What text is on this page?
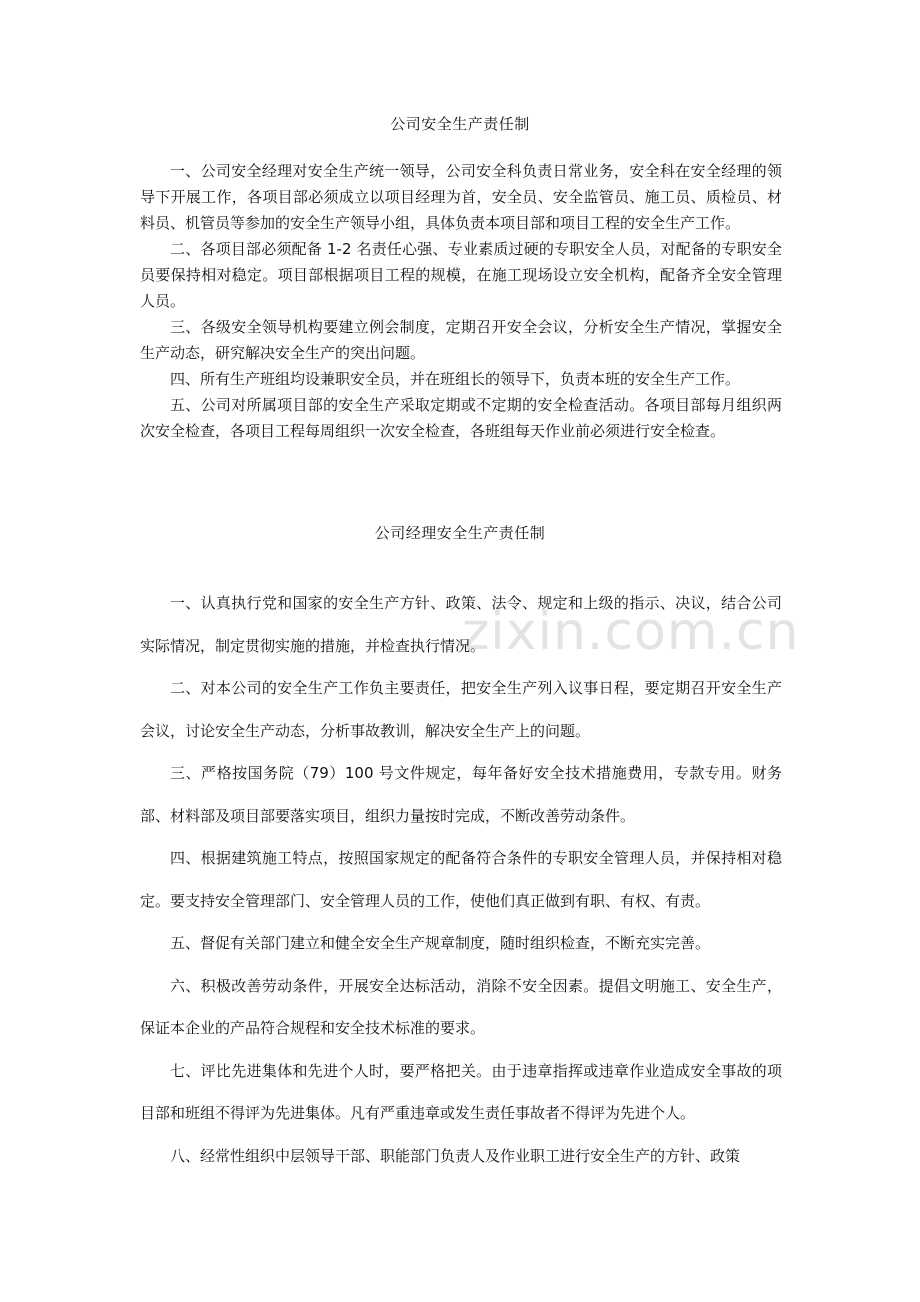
zixin.com.cn
公司安全生产责任制

一、公司安全经理对安全生产统一领导，公司安全科负责日常业务，安全科在安全经理的领导下开展工作，各项目部必须成立以项目经理为首，安全员、安全监管员、施工员、质检员、材料员、机管员等参加的安全生产领导小组，具体负责本项目部和项目工程的安全生产工作。

二、各项目部必须配备 1-2 名责任心强、专业素质过硬的专职安全人员，对配备的专职安全员要保持相对稳定。项目部根据项目工程的规模，在施工现场设立安全机构，配备齐全安全管理人员。

三、各级安全领导机构要建立例会制度，定期召开安全会议，分析安全生产情况，掌握安全生产动态，研究解决安全生产的突出问题。

四、所有生产班组均设兼职安全员，并在班组长的领导下，负责本班的安全生产工作。

五、公司对所属项目部的安全生产采取定期或不定期的安全检查活动。各项目部每月组织两次安全检查，各项目工程每周组织一次安全检查，各班组每天作业前必须进行安全检查。

公司经理安全生产责任制

一、认真执行党和国家的安全生产方针、政策、法令、规定和上级的指示、决议，结合公司实际情况，制定贯彻实施的措施，并检查执行情况。

二、对本公司的安全生产工作负主要责任，把安全生产列入议事日程，要定期召开安全生产会议，讨论安全生产动态，分析事故教训，解决安全生产上的问题。

三、严格按国务院（79）100 号文件规定，每年备好安全技术措施费用，专款专用。财务部、材料部及项目部要落实项目，组织力量按时完成，不断改善劳动条件。

四、根据建筑施工特点，按照国家规定的配备符合条件的专职安全管理人员，并保持相对稳定。要支持安全管理部门、安全管理人员的工作，使他们真正做到有职、有权、有责。

五、督促有关部门建立和健全安全生产规章制度，随时组织检查，不断充实完善。

六、积极改善劳动条件，开展安全达标活动，消除不安全因素。提倡文明施工、安全生产，保证本企业的产品符合规程和安全技术标准的要求。

七、评比先进集体和先进个人时，要严格把关。由于违章指挥或违章作业造成安全事故的项目部和班组不得评为先进集体。凡有严重违章或发生责任事故者不得评为先进个人。

八、经常性组织中层领导干部、职能部门负责人及作业职工进行安全生产的方针、政策
